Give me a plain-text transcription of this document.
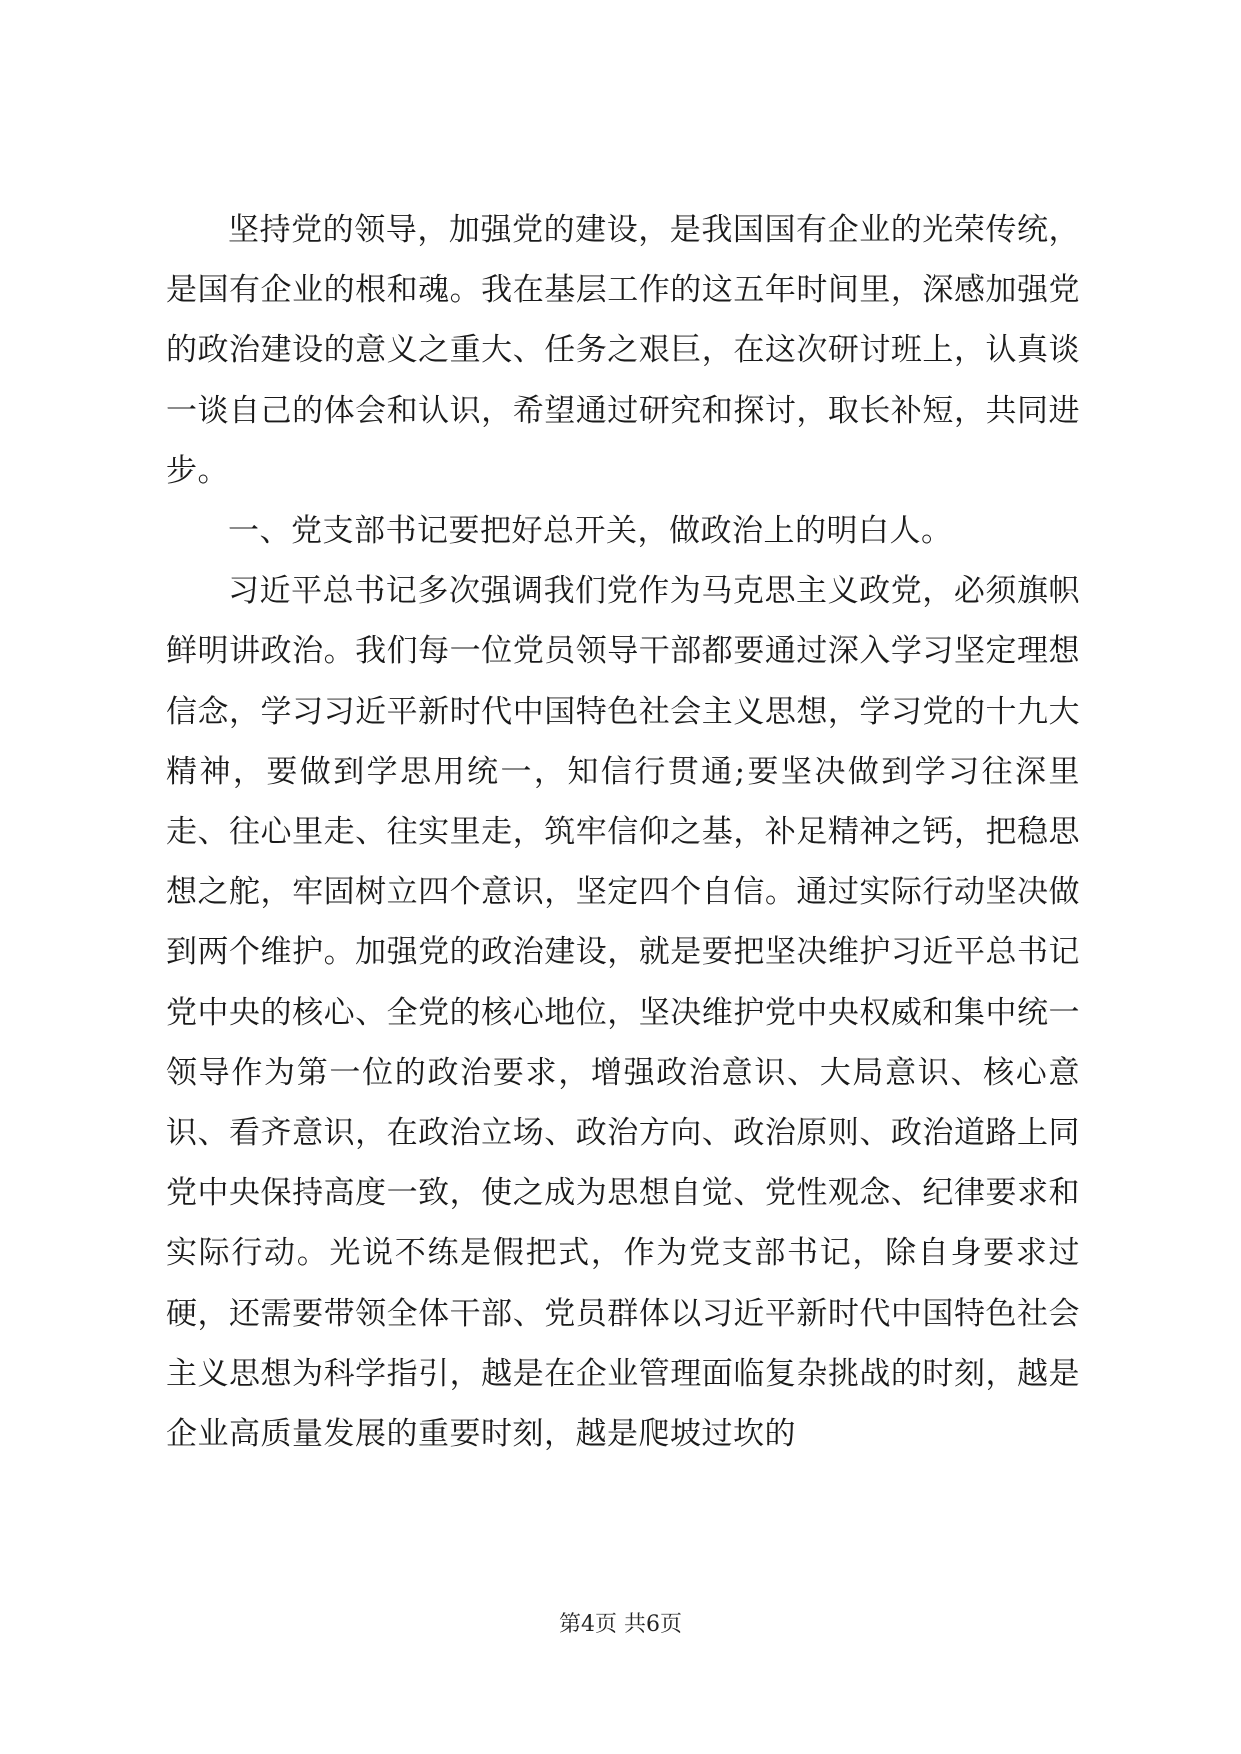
坚持党的领导，加强党的建设，是我国国有企业的光荣传统，是国有企业的根和魂。我在基层工作的这五年时间里，深感加强党的政治建设的意义之重大、任务之艰巨，在这次研讨班上，认真谈一谈自己的体会和认识，希望通过研究和探讨，取长补短，共同进步。

一、党支部书记要把好总开关，做政治上的明白人。

习近平总书记多次强调我们党作为马克思主义政党，必须旗帜鲜明讲政治。我们每一位党员领导干部都要通过深入学习坚定理想信念，学习习近平新时代中国特色社会主义思想，学习党的十九大精神，要做到学思用统一，知信行贯通;要坚决做到学习往深里走、往心里走、往实里走，筑牢信仰之基，补足精神之钙，把稳思想之舵，牢固树立四个意识，坚定四个自信。通过实际行动坚决做到两个维护。加强党的政治建设，就是要把坚决维护习近平总书记党中央的核心、全党的核心地位，坚决维护党中央权威和集中统一领导作为第一位的政治要求，增强政治意识、大局意识、核心意识、看齐意识，在政治立场、政治方向、政治原则、政治道路上同党中央保持高度一致，使之成为思想自觉、党性观念、纪律要求和实际行动。光说不练是假把式，作为党支部书记，除自身要求过硬，还需要带领全体干部、党员群体以习近平新时代中国特色社会主义思想为科学指引，越是在企业管理面临复杂挑战的时刻，越是企业高质量发展的重要时刻，越是爬坡过坎的

第4页 共6页
